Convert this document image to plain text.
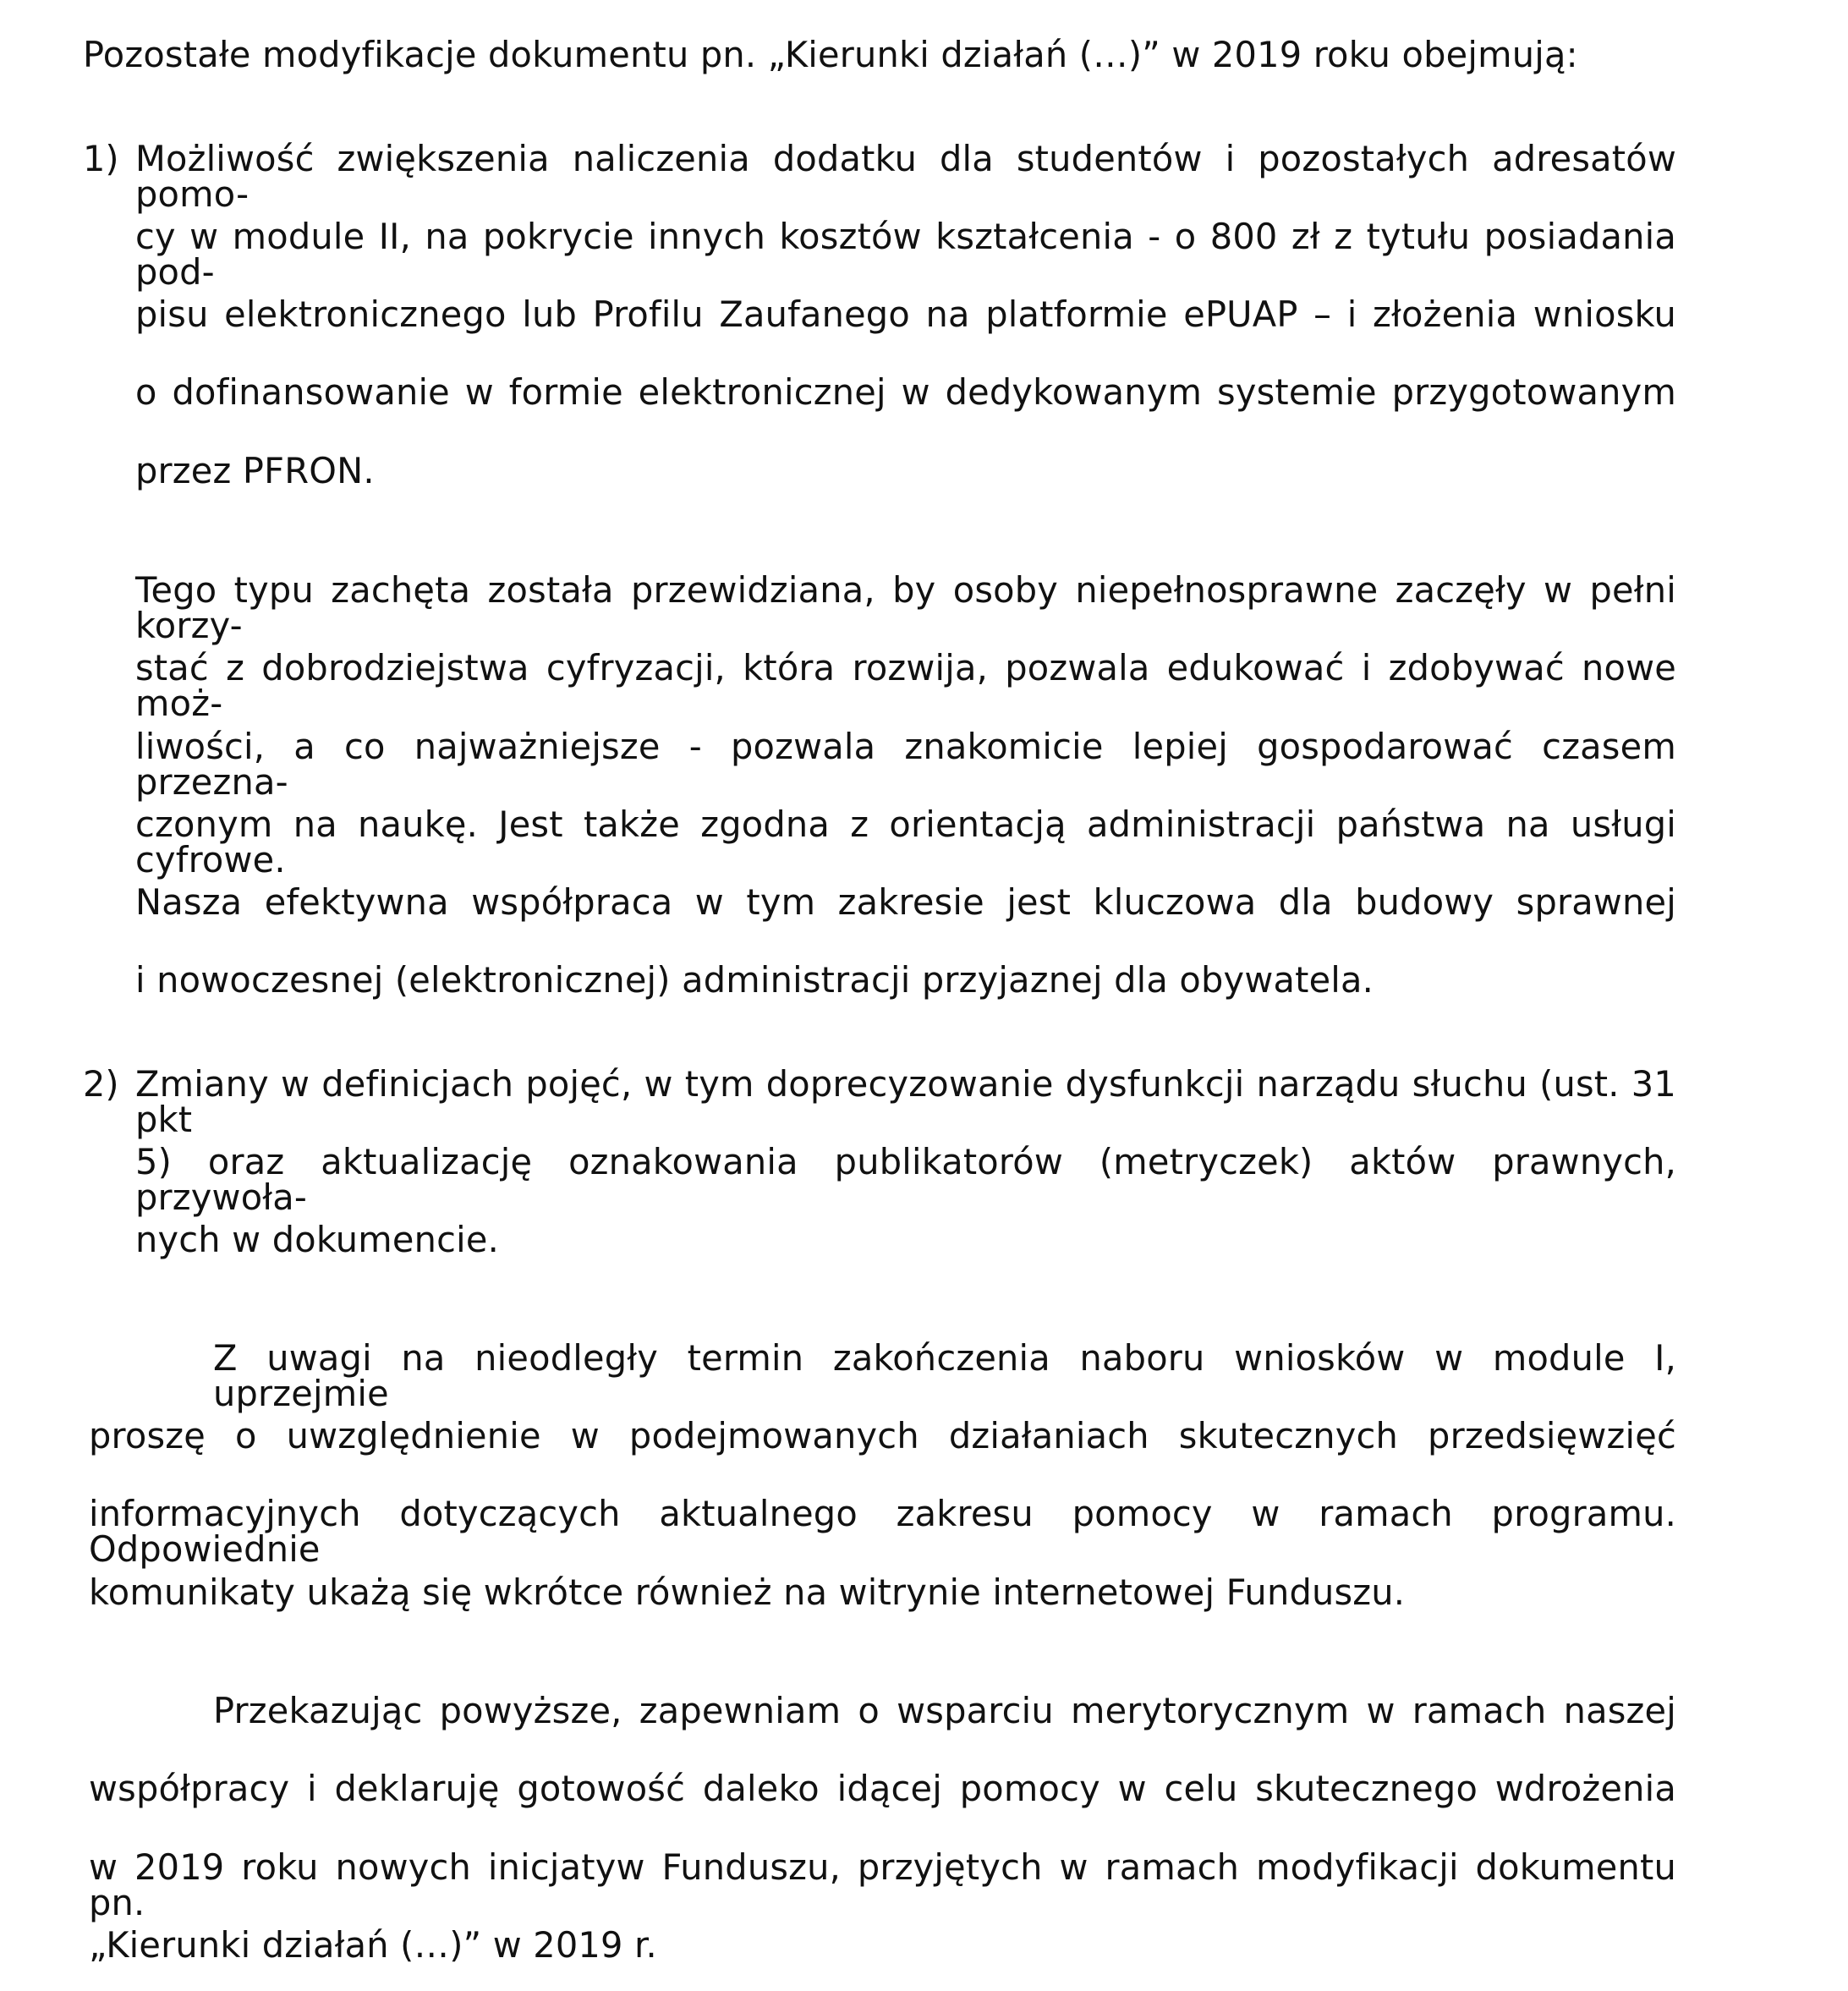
Pozostałe modyfikacje dokumentu pn. „Kierunki działań (…)” w 2019 roku obejmują:
1) Możliwość zwiększenia naliczenia dodatku dla studentów i pozostałych adresatów pomo-
cy w module II, na pokrycie innych kosztów kształcenia - o 800 zł z tytułu posiadania pod-
pisu elektronicznego lub Profilu Zaufanego na platformie ePUAP – i złożenia wniosku
o dofinansowanie w formie elektronicznej w dedykowanym systemie przygotowanym
przez PFRON.
Tego typu zachęta została przewidziana, by osoby niepełnosprawne zaczęły w pełni korzy-
stać z dobrodziejstwa cyfryzacji, która rozwija, pozwala edukować i zdobywać nowe moż-
liwości, a co najważniejsze - pozwala znakomicie lepiej gospodarować czasem przezna-
czonym na naukę. Jest także zgodna z orientacją administracji państwa na usługi cyfrowe.
Nasza efektywna współpraca w tym zakresie jest kluczowa dla budowy sprawnej
i nowoczesnej (elektronicznej) administracji przyjaznej dla obywatela.
2) Zmiany w definicjach pojęć, w tym doprecyzowanie dysfunkcji narządu słuchu (ust. 31 pkt
5) oraz aktualizację oznakowania publikatorów (metryczek) aktów prawnych, przywoła-
nych w dokumencie.
Z uwagi na nieodległy termin zakończenia naboru wniosków w module I, uprzejmie
proszę o uwzględnienie w podejmowanych działaniach skutecznych przedsięwzięć
informacyjnych dotyczących aktualnego zakresu pomocy w ramach programu. Odpowiednie
komunikaty ukażą się wkrótce również na witrynie internetowej Funduszu.
Przekazując powyższe, zapewniam o wsparciu merytorycznym w ramach naszej
współpracy i deklaruję gotowość daleko idącej pomocy w celu skutecznego wdrożenia
w 2019 roku nowych inicjatyw Funduszu, przyjętych w ramach modyfikacji dokumentu pn.
„Kierunki działań (…)” w 2019 r.
